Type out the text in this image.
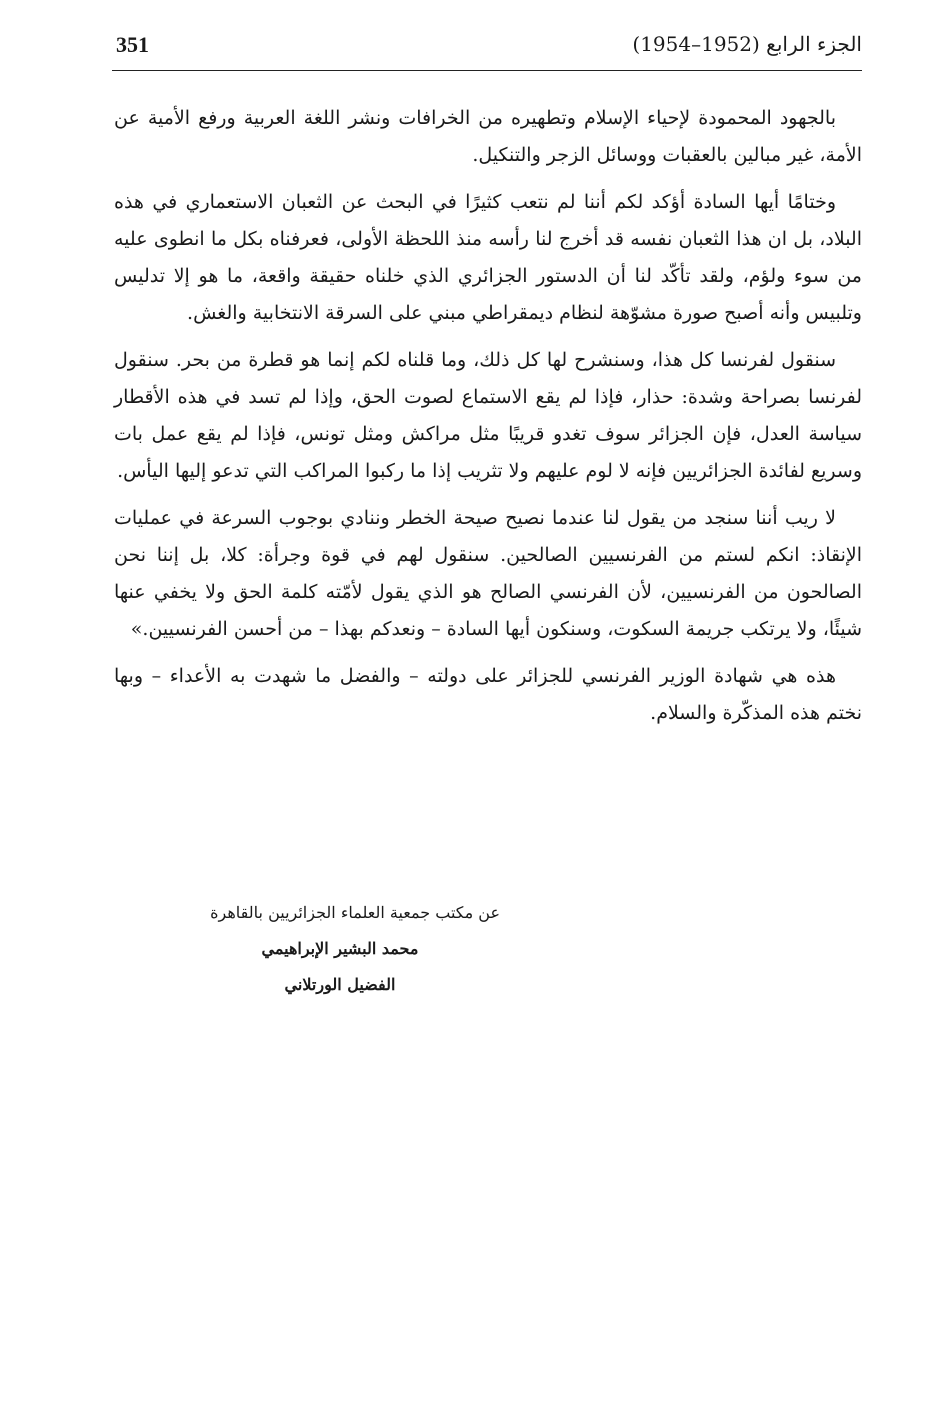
351	الجزء الرابع (1952–1954)

بالجهود المحمودة لإحياء الإسلام وتطهيره من الخرافات ونشر اللغة العربية ورفع الأمية عن الأمة، غير مبالين بالعقبات ووسائل الزجر والتنكيل.

وختامًا أيها السادة أؤكد لكم أننا لم نتعب كثيرًا في البحث عن الثعبان الاستعماري في هذه البلاد، بل ان هذا الثعبان نفسه قد أخرج لنا رأسه منذ اللحظة الأولى، فعرفناه بكل ما انطوى عليه من سوء ولؤم، ولقد تأكّد لنا أن الدستور الجزائري الذي خلناه حقيقة واقعة، ما هو إلا تدليس وتلبيس وأنه أصبح صورة مشوّهة لنظام ديمقراطي مبني على السرقة الانتخابية والغش.

سنقول لفرنسا كل هذا، وسنشرح لها كل ذلك، وما قلناه لكم إنما هو قطرة من بحر. سنقول لفرنسا بصراحة وشدة: حذار، فإذا لم يقع الاستماع لصوت الحق، وإذا لم تسد في هذه الأقطار سياسة العدل، فإن الجزائر سوف تغدو قريبًا مثل مراكش ومثل تونس، فإذا لم يقع عمل بات وسريع لفائدة الجزائريين فإنه لا لوم عليهم ولا تثريب إذا ما ركبوا المراكب التي تدعو إليها اليأس.

لا ريب أننا سنجد من يقول لنا عندما نصيح صيحة الخطر وننادي بوجوب السرعة في عمليات الإنقاذ: انكم لستم من الفرنسيين الصالحين. سنقول لهم في قوة وجرأة: كلا، بل إننا نحن الصالحون من الفرنسيين، لأن الفرنسي الصالح هو الذي يقول لأمّته كلمة الحق ولا يخفي عنها شيئًا، ولا يرتكب جريمة السكوت، وسنكون أيها السادة – ونعدكم بهذا – من أحسن الفرنسيين.»

هذه هي شهادة الوزير الفرنسي للجزائر على دولته – والفضل ما شهدت به الأعداء – وبها نختم هذه المذكّرة والسلام.

عن مكتب جمعية العلماء الجزائريين بالقاهرة
محمد البشير الإبراهيمي
الفضيل الورتلاني
